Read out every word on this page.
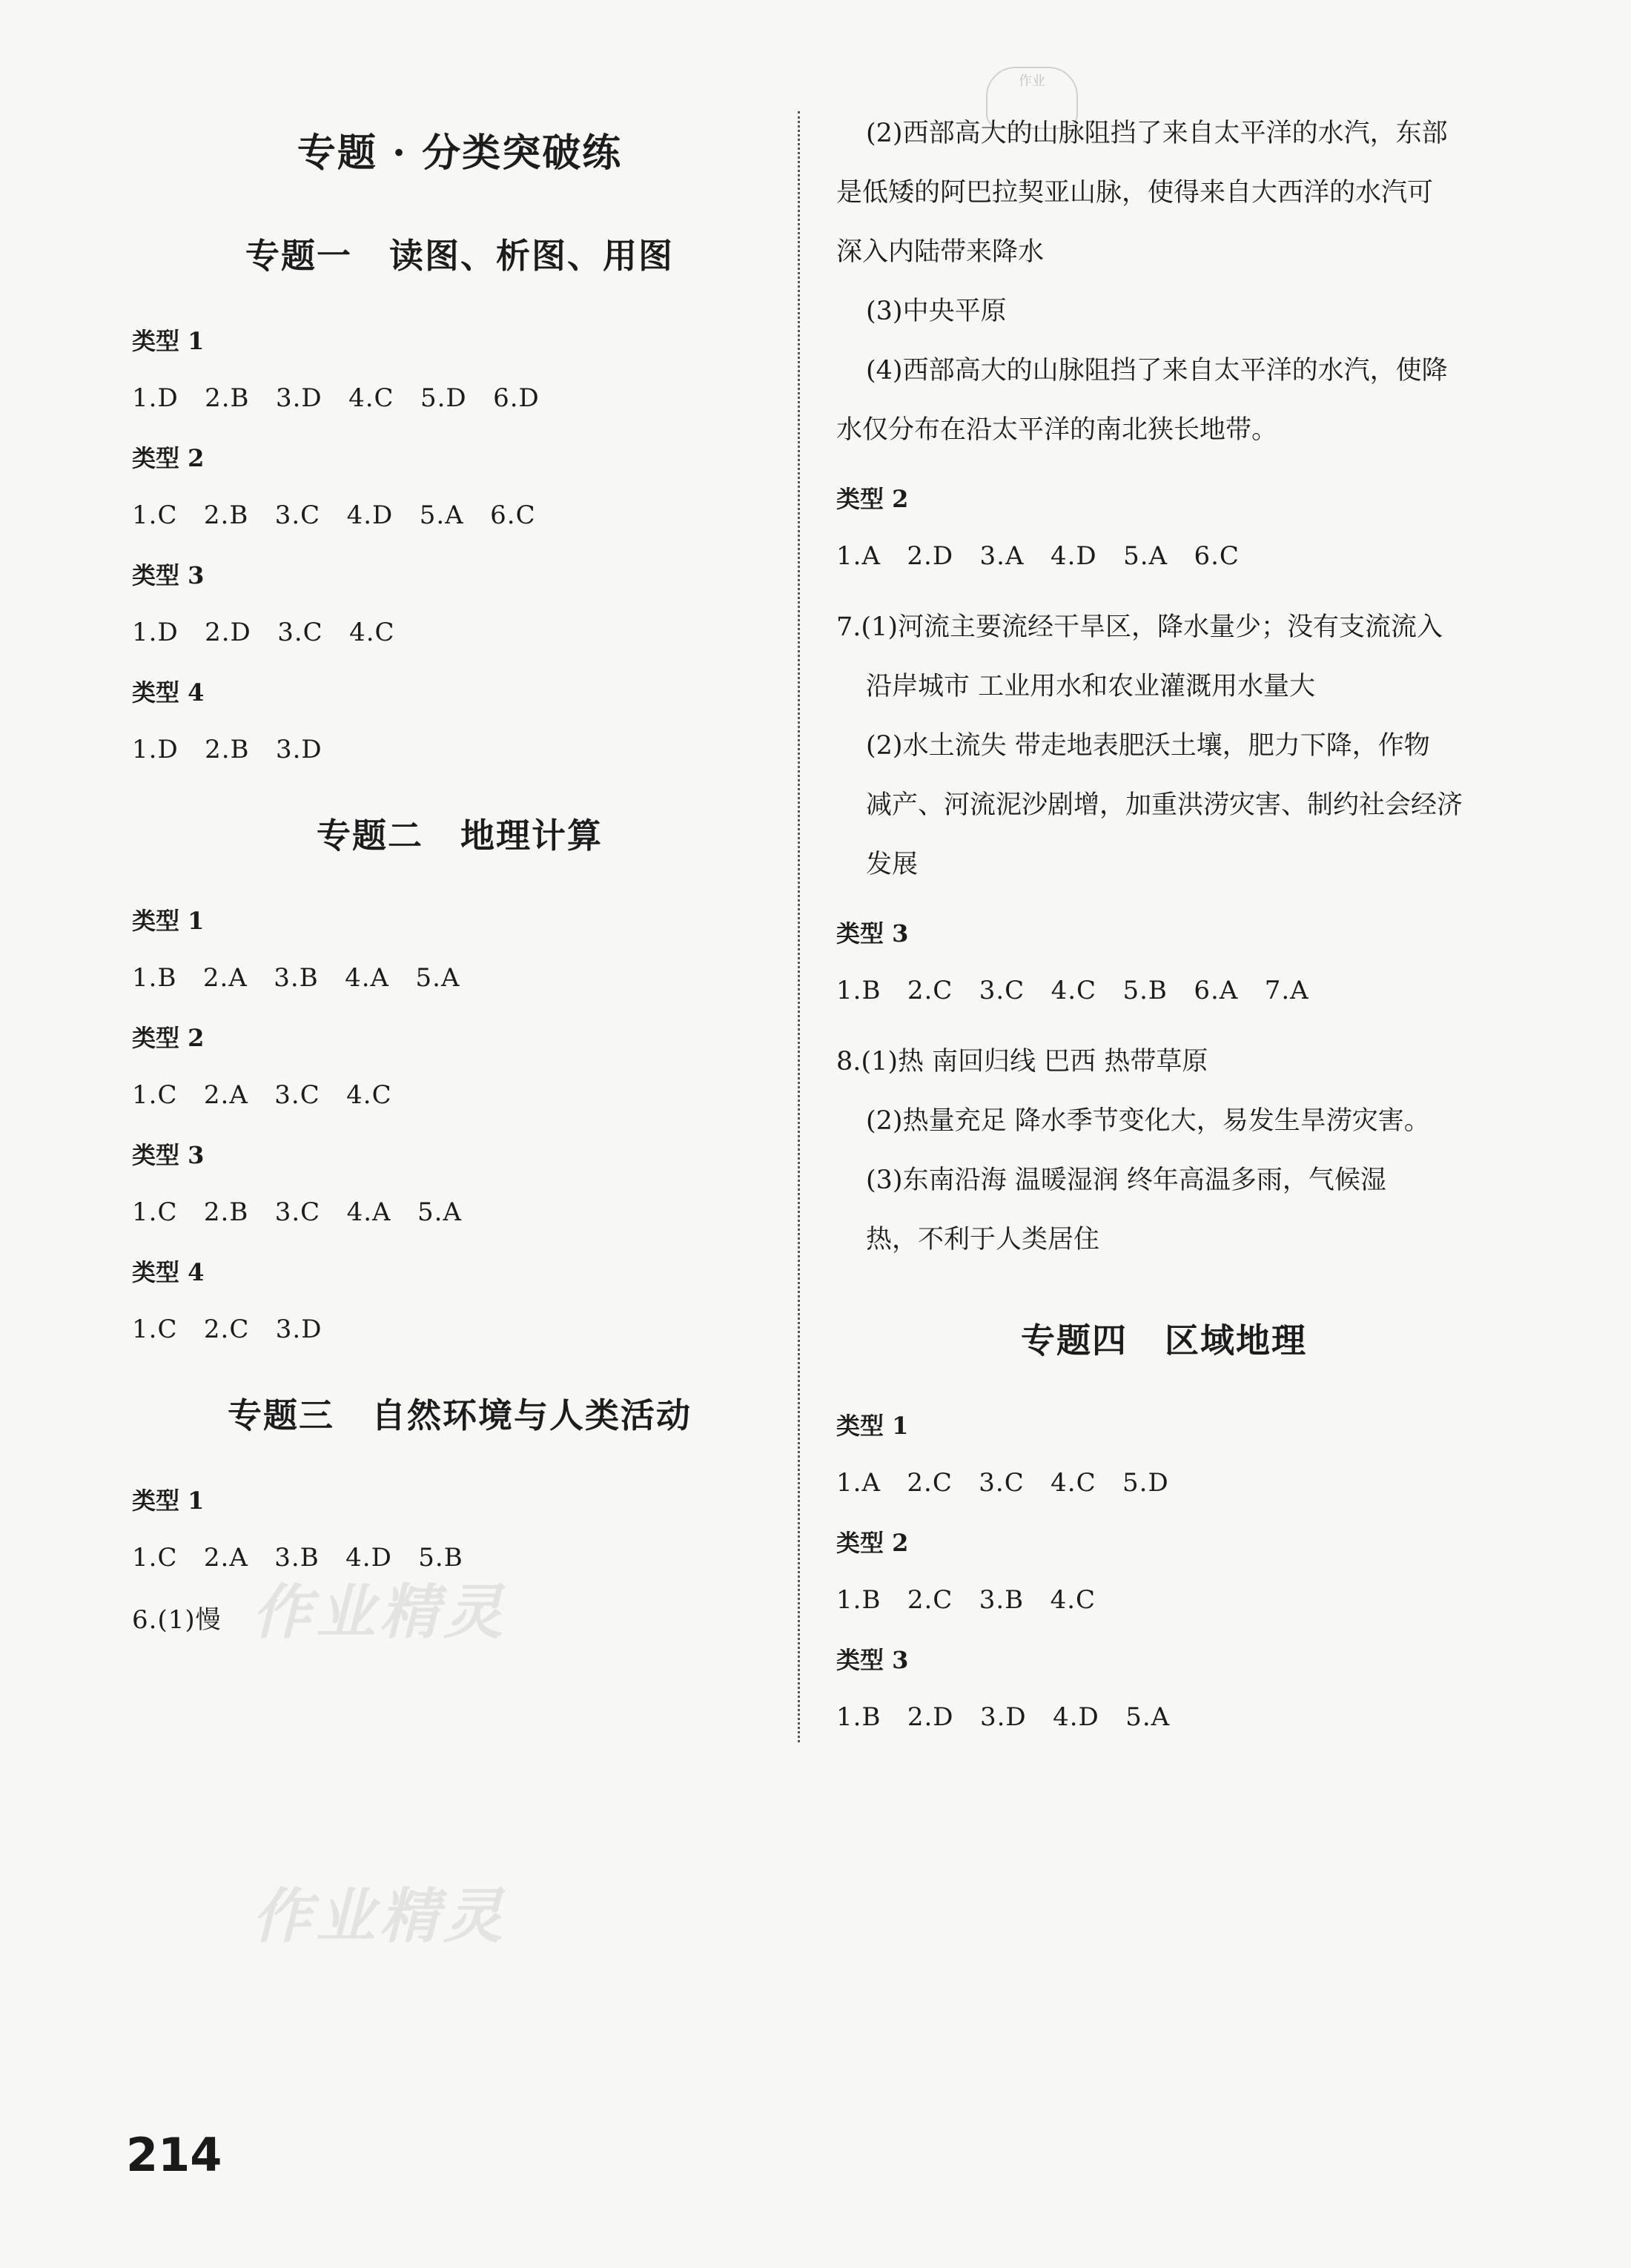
作业
专题 · 分类突破练
专题一 读图、析图、用图
类型 1
1.D   2.B   3.D   4.C   5.D   6.D
类型 2
1.C   2.B   3.C   4.D   5.A   6.C
类型 3
1.D   2.D   3.C   4.C
类型 4
1.D   2.B   3.D
专题二 地理计算
类型 1
1.B   2.A   3.B   4.A   5.A
类型 2
1.C   2.A   3.C   4.C
类型 3
1.C   2.B   3.C   4.A   5.A
类型 4
1.C   2.C   3.D
专题三 自然环境与人类活动
类型 1
1.C   2.A   3.B   4.D   5.B
6.(1)慢
(2)西部高大的山脉阻挡了来自太平洋的水汽，东部
是低矮的阿巴拉契亚山脉，使得来自大西洋的水汽可
深入内陆带来降水
(3)中央平原
(4)西部高大的山脉阻挡了来自太平洋的水汽，使降
水仅分布在沿太平洋的南北狭长地带。
类型 2
1.A   2.D   3.A   4.D   5.A   6.C
7.(1)河流主要流经干旱区，降水量少；没有支流流入
沿岸城市 工业用水和农业灌溉用水量大
(2)水土流失 带走地表肥沃土壤，肥力下降，作物
减产、河流泥沙剧增，加重洪涝灾害、制约社会经济
发展
类型 3
1.B   2.C   3.C   4.C   5.B   6.A   7.A
8.(1)热 南回归线 巴西 热带草原
(2)热量充足 降水季节变化大，易发生旱涝灾害。
(3)东南沿海 温暖湿润 终年高温多雨，气候湿
热，不利于人类居住
专题四 区域地理
类型 1
1.A   2.C   3.C   4.C   5.D
类型 2
1.B   2.C   3.B   4.C
类型 3
1.B   2.D   3.D   4.D   5.A
作业精灵
作业精灵
214
